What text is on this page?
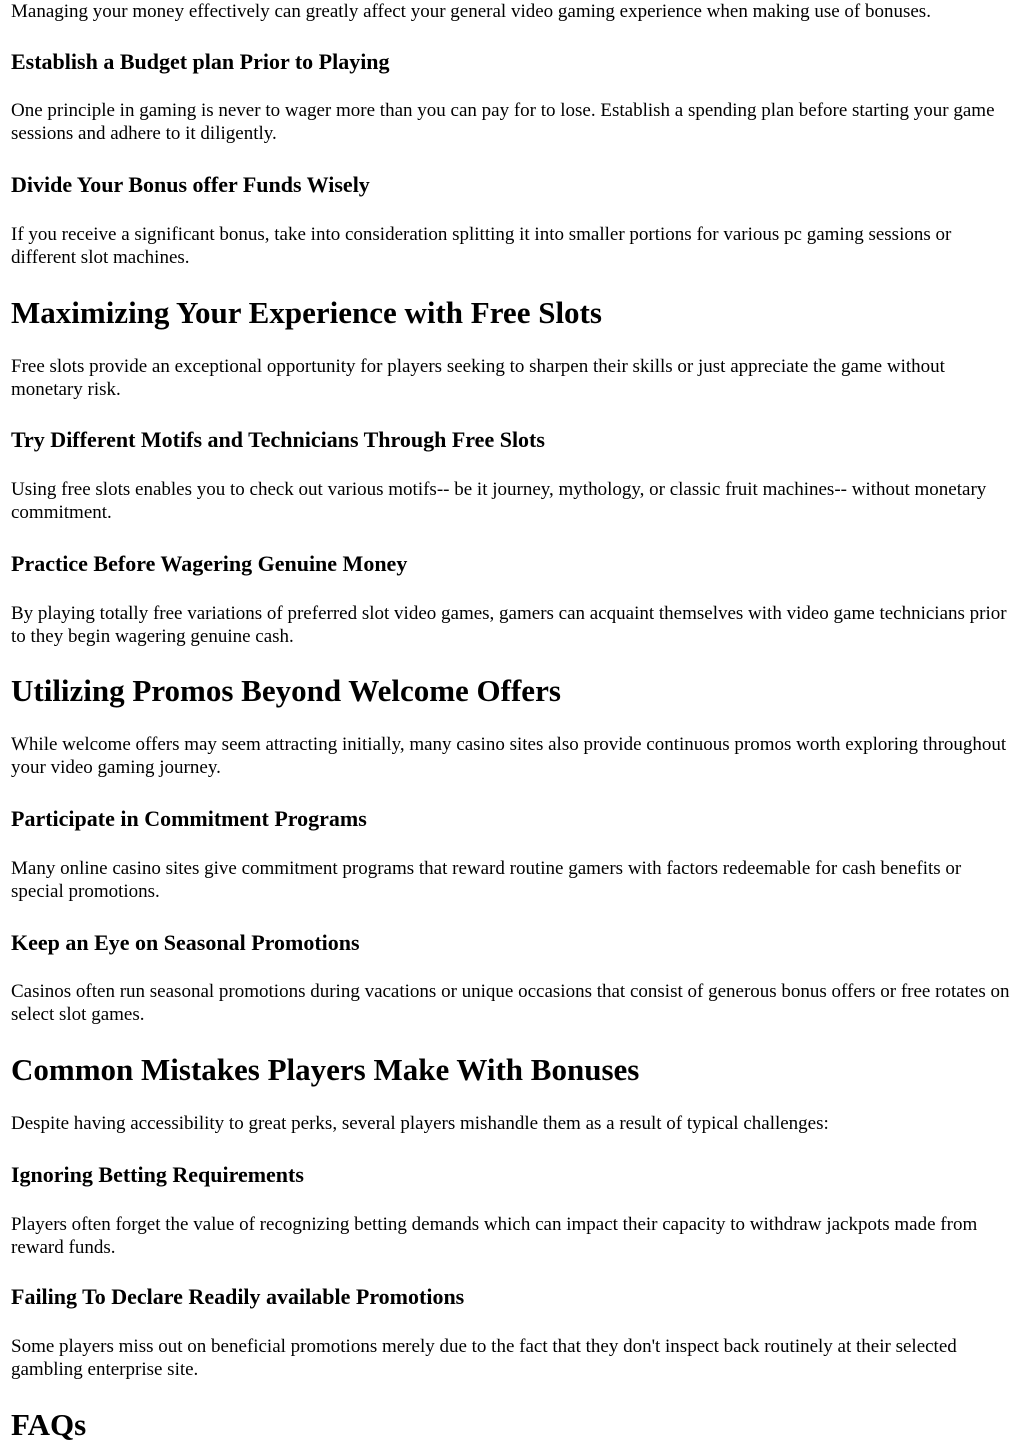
Managing your money effectively can greatly affect your general video gaming experience when making use of bonuses.
Establish a Budget plan Prior to Playing
One principle in gaming is never to wager more than you can pay for to lose. Establish a spending plan before starting your game sessions and adhere to it diligently.
Divide Your Bonus offer Funds Wisely
If you receive a significant bonus, take into consideration splitting it into smaller portions for various pc gaming sessions or different slot machines.
Maximizing Your Experience with Free Slots
Free slots provide an exceptional opportunity for players seeking to sharpen their skills or just appreciate the game without monetary risk.
Try Different Motifs and Technicians Through Free Slots
Using free slots enables you to check out various motifs-- be it journey, mythology, or classic fruit machines-- without monetary commitment.
Practice Before Wagering Genuine Money
By playing totally free variations of preferred slot video games, gamers can acquaint themselves with video game technicians prior to they begin wagering genuine cash.
Utilizing Promos Beyond Welcome Offers
While welcome offers may seem attracting initially, many casino sites also provide continuous promos worth exploring throughout your video gaming journey.
Participate in Commitment Programs
Many online casino sites give commitment programs that reward routine gamers with factors redeemable for cash benefits or special promotions.
Keep an Eye on Seasonal Promotions
Casinos often run seasonal promotions during vacations or unique occasions that consist of generous bonus offers or free rotates on select slot games.
Common Mistakes Players Make With Bonuses
Despite having accessibility to great perks, several players mishandle them as a result of typical challenges:
Ignoring Betting Requirements
Players often forget the value of recognizing betting demands which can impact their capacity to withdraw jackpots made from reward funds.
Failing To Declare Readily available Promotions
Some players miss out on beneficial promotions merely due to the fact that they don't inspect back routinely at their selected gambling enterprise site.
FAQs
